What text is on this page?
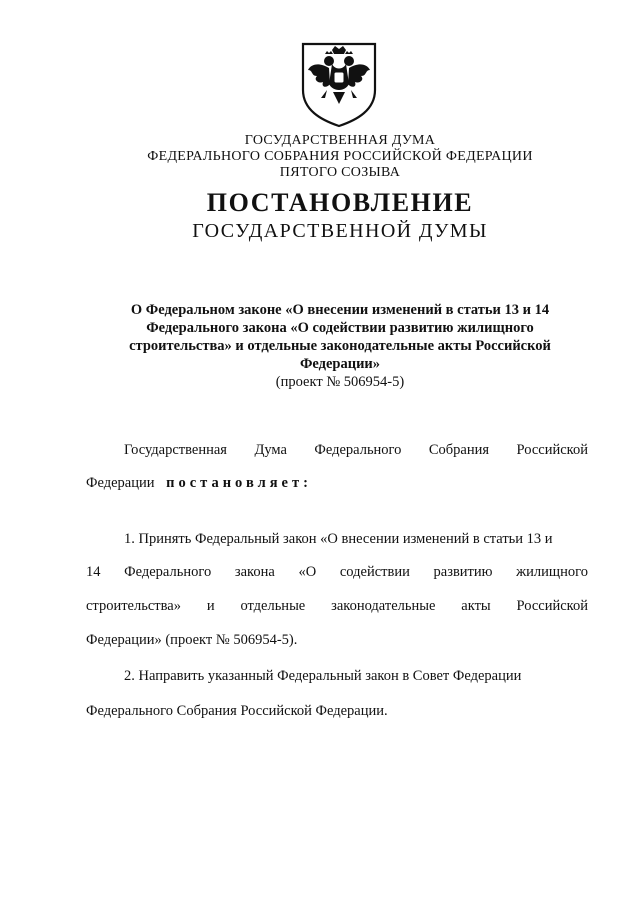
ГОСУДАРСТВЕННАЯ ДУМА
ФЕДЕРАЛЬНОГО СОБРАНИЯ РОССИЙСКОЙ ФЕДЕРАЦИИ
ПЯТОГО СОЗЫВА
ПОСТАНОВЛЕНИЕ
ГОСУДАРСТВЕННОЙ ДУМЫ
О Федеральном законе «О внесении изменений в статьи 13 и 14
Федерального закона «О содействии развитию жилищного
строительства» и отдельные законодательные акты Российской
Федерации»
(проект № 506954-5)
Государственная Дума Федерального Собрания Российской
Федерации постановляет:
1. Принять Федеральный закон «О внесении изменений в статьи 13 и
14 Федерального закона «О содействии развитию жилищного
строительства» и отдельные законодательные акты Российской
Федерации» (проект № 506954-5).
2. Направить указанный Федеральный закон в Совет Федерации
Федерального Собрания Российской Федерации.
